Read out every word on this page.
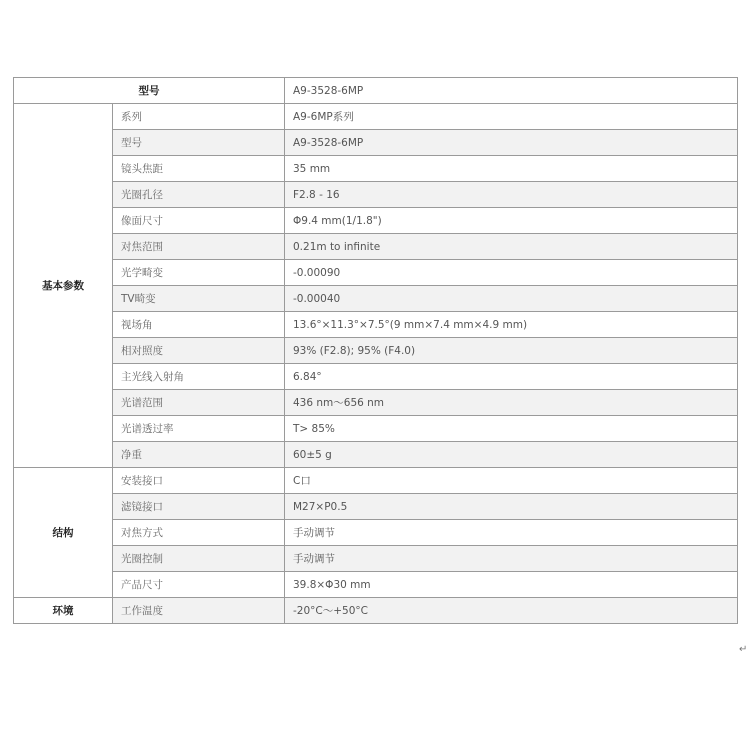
型号		A9-3528-6MP
基本参数	系列	A9-6MP系列
	型号	A9-3528-6MP
	镜头焦距	35 mm
	光圈孔径	F2.8 - 16
	像面尺寸	Φ9.4 mm(1/1.8")
	对焦范围	0.21m to infinite
	光学畸变	-0.00090
	TV畸变	-0.00040
	视场角	13.6°×11.3°×7.5°(9 mm×7.4 mm×4.9 mm)
	相对照度	93% (F2.8); 95% (F4.0)
	主光线入射角	6.84°
	光谱范围	436 nm～656 nm
	光谱透过率	T> 85%
	净重	60±5 g
结构	安装接口	C口
	滤镜接口	M27×P0.5
	对焦方式	手动调节
	光圈控制	手动调节
	产品尺寸	39.8×Φ30 mm
环境	工作温度	-20°C～+50°C
↵
